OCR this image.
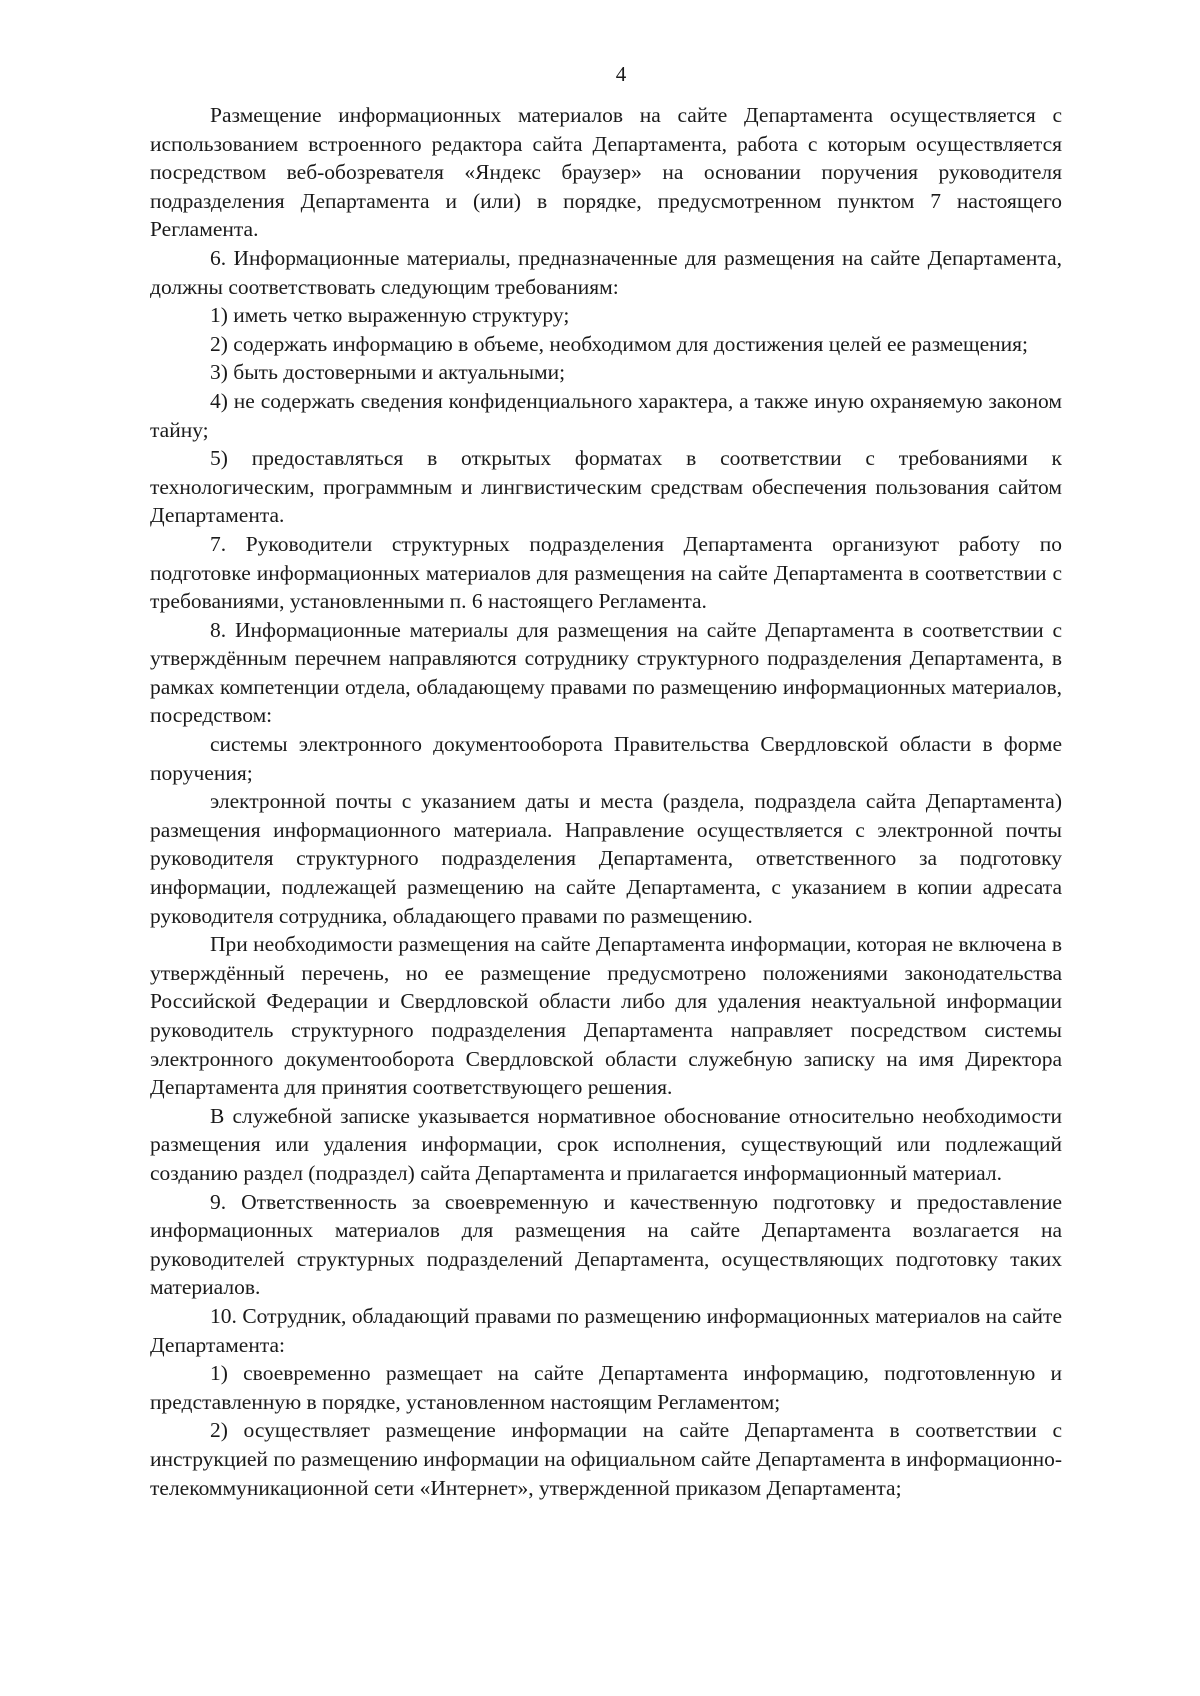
4

Размещение информационных материалов на сайте Департамента осуществляется с использованием встроенного редактора сайта Департамента, работа с которым осуществляется посредством веб-обозревателя «Яндекс браузер» на основании поручения руководителя подразделения Департамента и (или) в порядке, предусмотренном пунктом 7 настоящего Регламента.

6. Информационные материалы, предназначенные для размещения на сайте Департамента, должны соответствовать следующим требованиям:

1) иметь четко выраженную структуру;

2) содержать информацию в объеме, необходимом для достижения целей ее размещения;

3) быть достоверными и актуальными;

4) не содержать сведения конфиденциального характера, а также иную охраняемую законом тайну;

5) предоставляться в открытых форматах в соответствии с требованиями к технологическим, программным и лингвистическим средствам обеспечения пользования сайтом Департамента.

7. Руководители структурных подразделения Департамента организуют работу по подготовке информационных материалов для размещения на сайте Департамента в соответствии с требованиями, установленными п. 6 настоящего Регламента.

8. Информационные материалы для размещения на сайте Департамента в соответствии с утверждённым перечнем направляются сотруднику структурного подразделения Департамента, в рамках компетенции отдела, обладающему правами по размещению информационных материалов, посредством:

системы электронного документооборота Правительства Свердловской области в форме поручения;

электронной почты с указанием даты и места (раздела, подраздела сайта Департамента) размещения информационного материала. Направление осуществляется с электронной почты руководителя структурного подразделения Департамента, ответственного за подготовку информации, подлежащей размещению на сайте Департамента, с указанием в копии адресата руководителя сотрудника, обладающего правами по размещению.

При необходимости размещения на сайте Департамента информации, которая не включена в утверждённый перечень, но ее размещение предусмотрено положениями законодательства Российской Федерации и Свердловской области либо для удаления неактуальной информации руководитель структурного подразделения Департамента направляет посредством системы электронного документооборота Свердловской области служебную записку на имя Директора Департамента для принятия соответствующего решения.

В служебной записке указывается нормативное обоснование относительно необходимости размещения или удаления информации, срок исполнения, существующий или подлежащий созданию раздел (подраздел) сайта Департамента и прилагается информационный материал.

9. Ответственность за своевременную и качественную подготовку и предоставление информационных материалов для размещения на сайте Департамента возлагается на руководителей структурных подразделений Департамента, осуществляющих подготовку таких материалов.

10. Сотрудник, обладающий правами по размещению информационных материалов на сайте Департамента:

1) своевременно размещает на сайте Департамента информацию, подготовленную и представленную в порядке, установленном настоящим Регламентом;

2) осуществляет размещение информации на сайте Департамента в соответствии с инструкцией по размещению информации на официальном сайте Департамента в информационно-телекоммуникационной сети «Интернет», утвержденной приказом Департамента;
